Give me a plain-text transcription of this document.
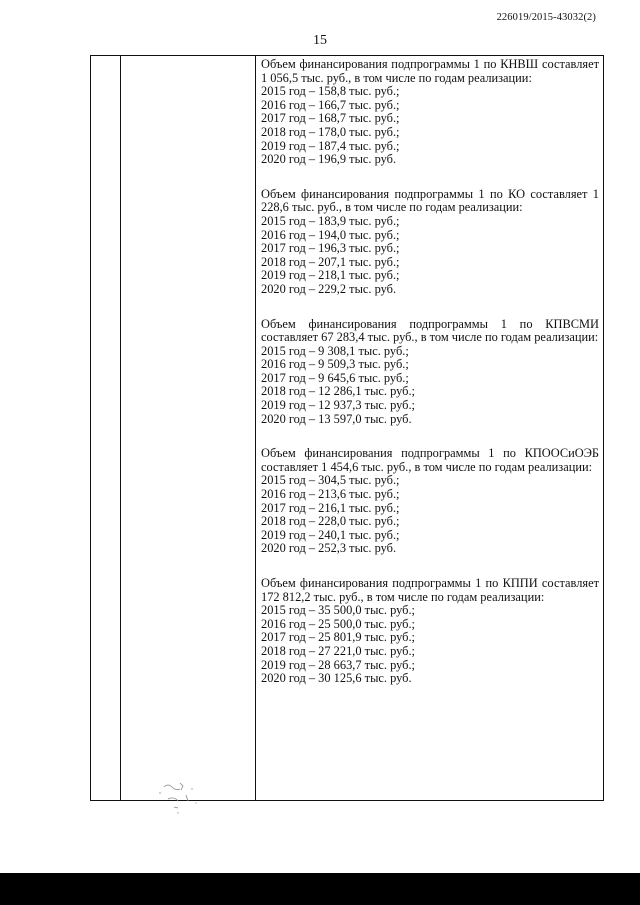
226019/2015-43032(2)
15
Объем финансирования подпрограммы 1 по КНВШ составляет 1 056,5 тыс. руб., в том числе по годам реализации:
2015 год – 158,8 тыс. руб.;
2016 год – 166,7 тыс. руб.;
2017 год – 168,7 тыс. руб.;
2018 год – 178,0 тыс. руб.;
2019 год – 187,4 тыс. руб.;
2020 год – 196,9 тыс. руб.
Объем финансирования подпрограммы 1 по КО составляет 1 228,6 тыс. руб., в том числе по годам реализации:
2015 год – 183,9 тыс. руб.;
2016 год – 194,0 тыс. руб.;
2017 год – 196,3 тыс. руб.;
2018 год – 207,1 тыс. руб.;
2019 год – 218,1 тыс. руб.;
2020 год – 229,2 тыс. руб.
Объем финансирования подпрограммы 1 по КПВСМИ составляет 67 283,4 тыс. руб., в том числе по годам реализации:
2015 год – 9 308,1 тыс. руб.;
2016 год – 9 509,3 тыс. руб.;
2017 год – 9 645,6 тыс. руб.;
2018 год – 12 286,1 тыс. руб.;
2019 год – 12 937,3 тыс. руб.;
2020 год – 13 597,0 тыс. руб.
Объем финансирования подпрограммы 1 по КПООСиОЭБ составляет 1 454,6 тыс. руб., в том числе по годам реализации:
2015 год – 304,5 тыс. руб.;
2016 год – 213,6 тыс. руб.;
2017 год – 216,1 тыс. руб.;
2018 год – 228,0 тыс. руб.;
2019 год – 240,1 тыс. руб.;
2020 год – 252,3 тыс. руб.
Объем финансирования подпрограммы 1 по КППИ составляет 172 812,2 тыс. руб., в том числе по годам реализации:
2015 год – 35 500,0 тыс. руб.;
2016 год – 25 500,0 тыс. руб.;
2017 год – 25 801,9 тыс. руб.;
2018 год – 27 221,0 тыс. руб.;
2019 год – 28 663,7 тыс. руб.;
2020 год – 30 125,6 тыс. руб.
